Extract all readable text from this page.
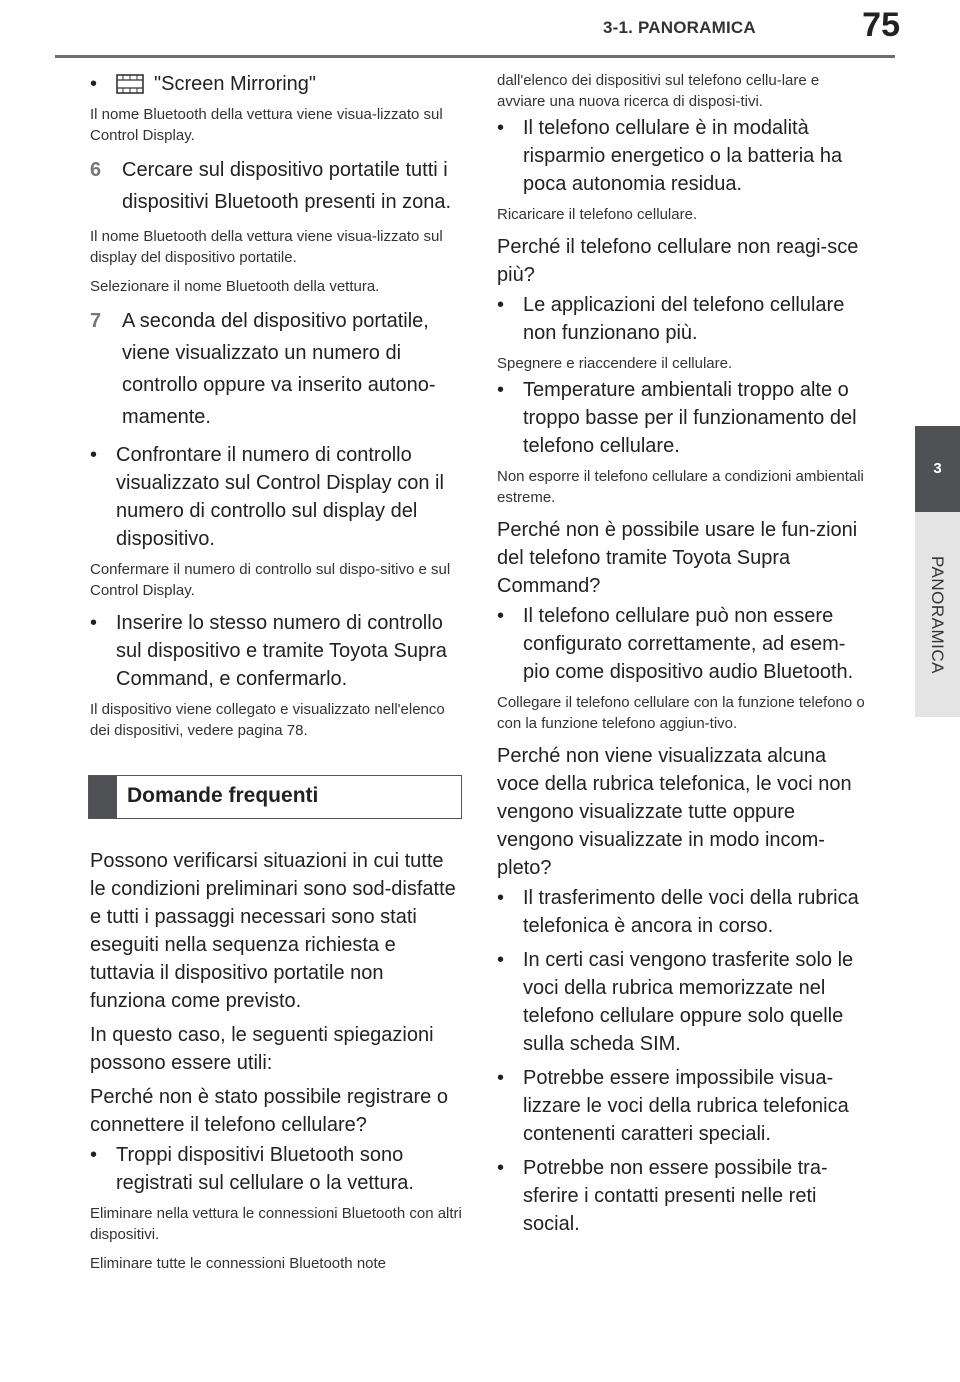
3-1. PANORAMICA	75
3
PANORAMICA
•	"Screen Mirroring"

Il nome Bluetooth della vettura viene visua-lizzato sul Control Display.

6 Cercare sul dispositivo portatile tutti i dispositivi Bluetooth presenti in zona.

Il nome Bluetooth della vettura viene visua-lizzato sul display del dispositivo portatile.

Selezionare il nome Bluetooth della vettura.

7 A seconda del dispositivo portatile, viene visualizzato un numero di controllo oppure va inserito autono-mamente.
• Confrontare il numero di controllo visualizzato sul Control Display con il numero di controllo sul display del dispositivo.

Confermare il numero di controllo sul dispo-sitivo e sul Control Display.

• Inserire lo stesso numero di controllo sul dispositivo e tramite Toyota Supra Command, e confermarlo.

Il dispositivo viene collegato e visualizzato nell'elenco dei dispositivi, vedere pagina 78.

Domande frequenti

Possono verificarsi situazioni in cui tutte le condizioni preliminari sono sod-disfatte e tutti i passaggi necessari sono stati eseguiti nella sequenza richiesta e tuttavia il dispositivo portatile non funziona come previsto.

In questo caso, le seguenti spiegazioni possono essere utili:

Perché non è stato possibile registrare o connettere il telefono cellulare?

• Troppi dispositivi Bluetooth sono registrati sul cellulare o la vettura.

Eliminare nella vettura le connessioni Bluetooth con altri dispositivi.

Eliminare tutte le connessioni Bluetooth note

dall'elenco dei dispositivi sul telefono cellu-lare e avviare una nuova ricerca di disposi-tivi.

• Il telefono cellulare è in modalità risparmio energetico o la batteria ha poca autonomia residua.

Ricaricare il telefono cellulare.

Perché il telefono cellulare non reagi-sce più?

• Le applicazioni del telefono cellulare non funzionano più.

Spegnere e riaccendere il cellulare.

• Temperature ambientali troppo alte o troppo basse per il funzionamento del telefono cellulare.

Non esporre il telefono cellulare a condizioni ambientali estreme.

Perché non è possibile usare le fun-zioni del telefono tramite Toyota Supra Command?

• Il telefono cellulare può non essere configurato correttamente, ad esem-pio come dispositivo audio Bluetooth.

Collegare il telefono cellulare con la funzione telefono o con la funzione telefono aggiun-tivo.

Perché non viene visualizzata alcuna voce della rubrica telefonica, le voci non vengono visualizzate tutte oppure vengono visualizzate in modo incom-pleto?

• Il trasferimento delle voci della rubrica telefonica è ancora in corso.
• In certi casi vengono trasferite solo le voci della rubrica memorizzate nel telefono cellulare oppure solo quelle sulla scheda SIM.
• Potrebbe essere impossibile visua-lizzare le voci della rubrica telefonica contenenti caratteri speciali.
• Potrebbe non essere possibile tra-sferire i contatti presenti nelle reti social.
